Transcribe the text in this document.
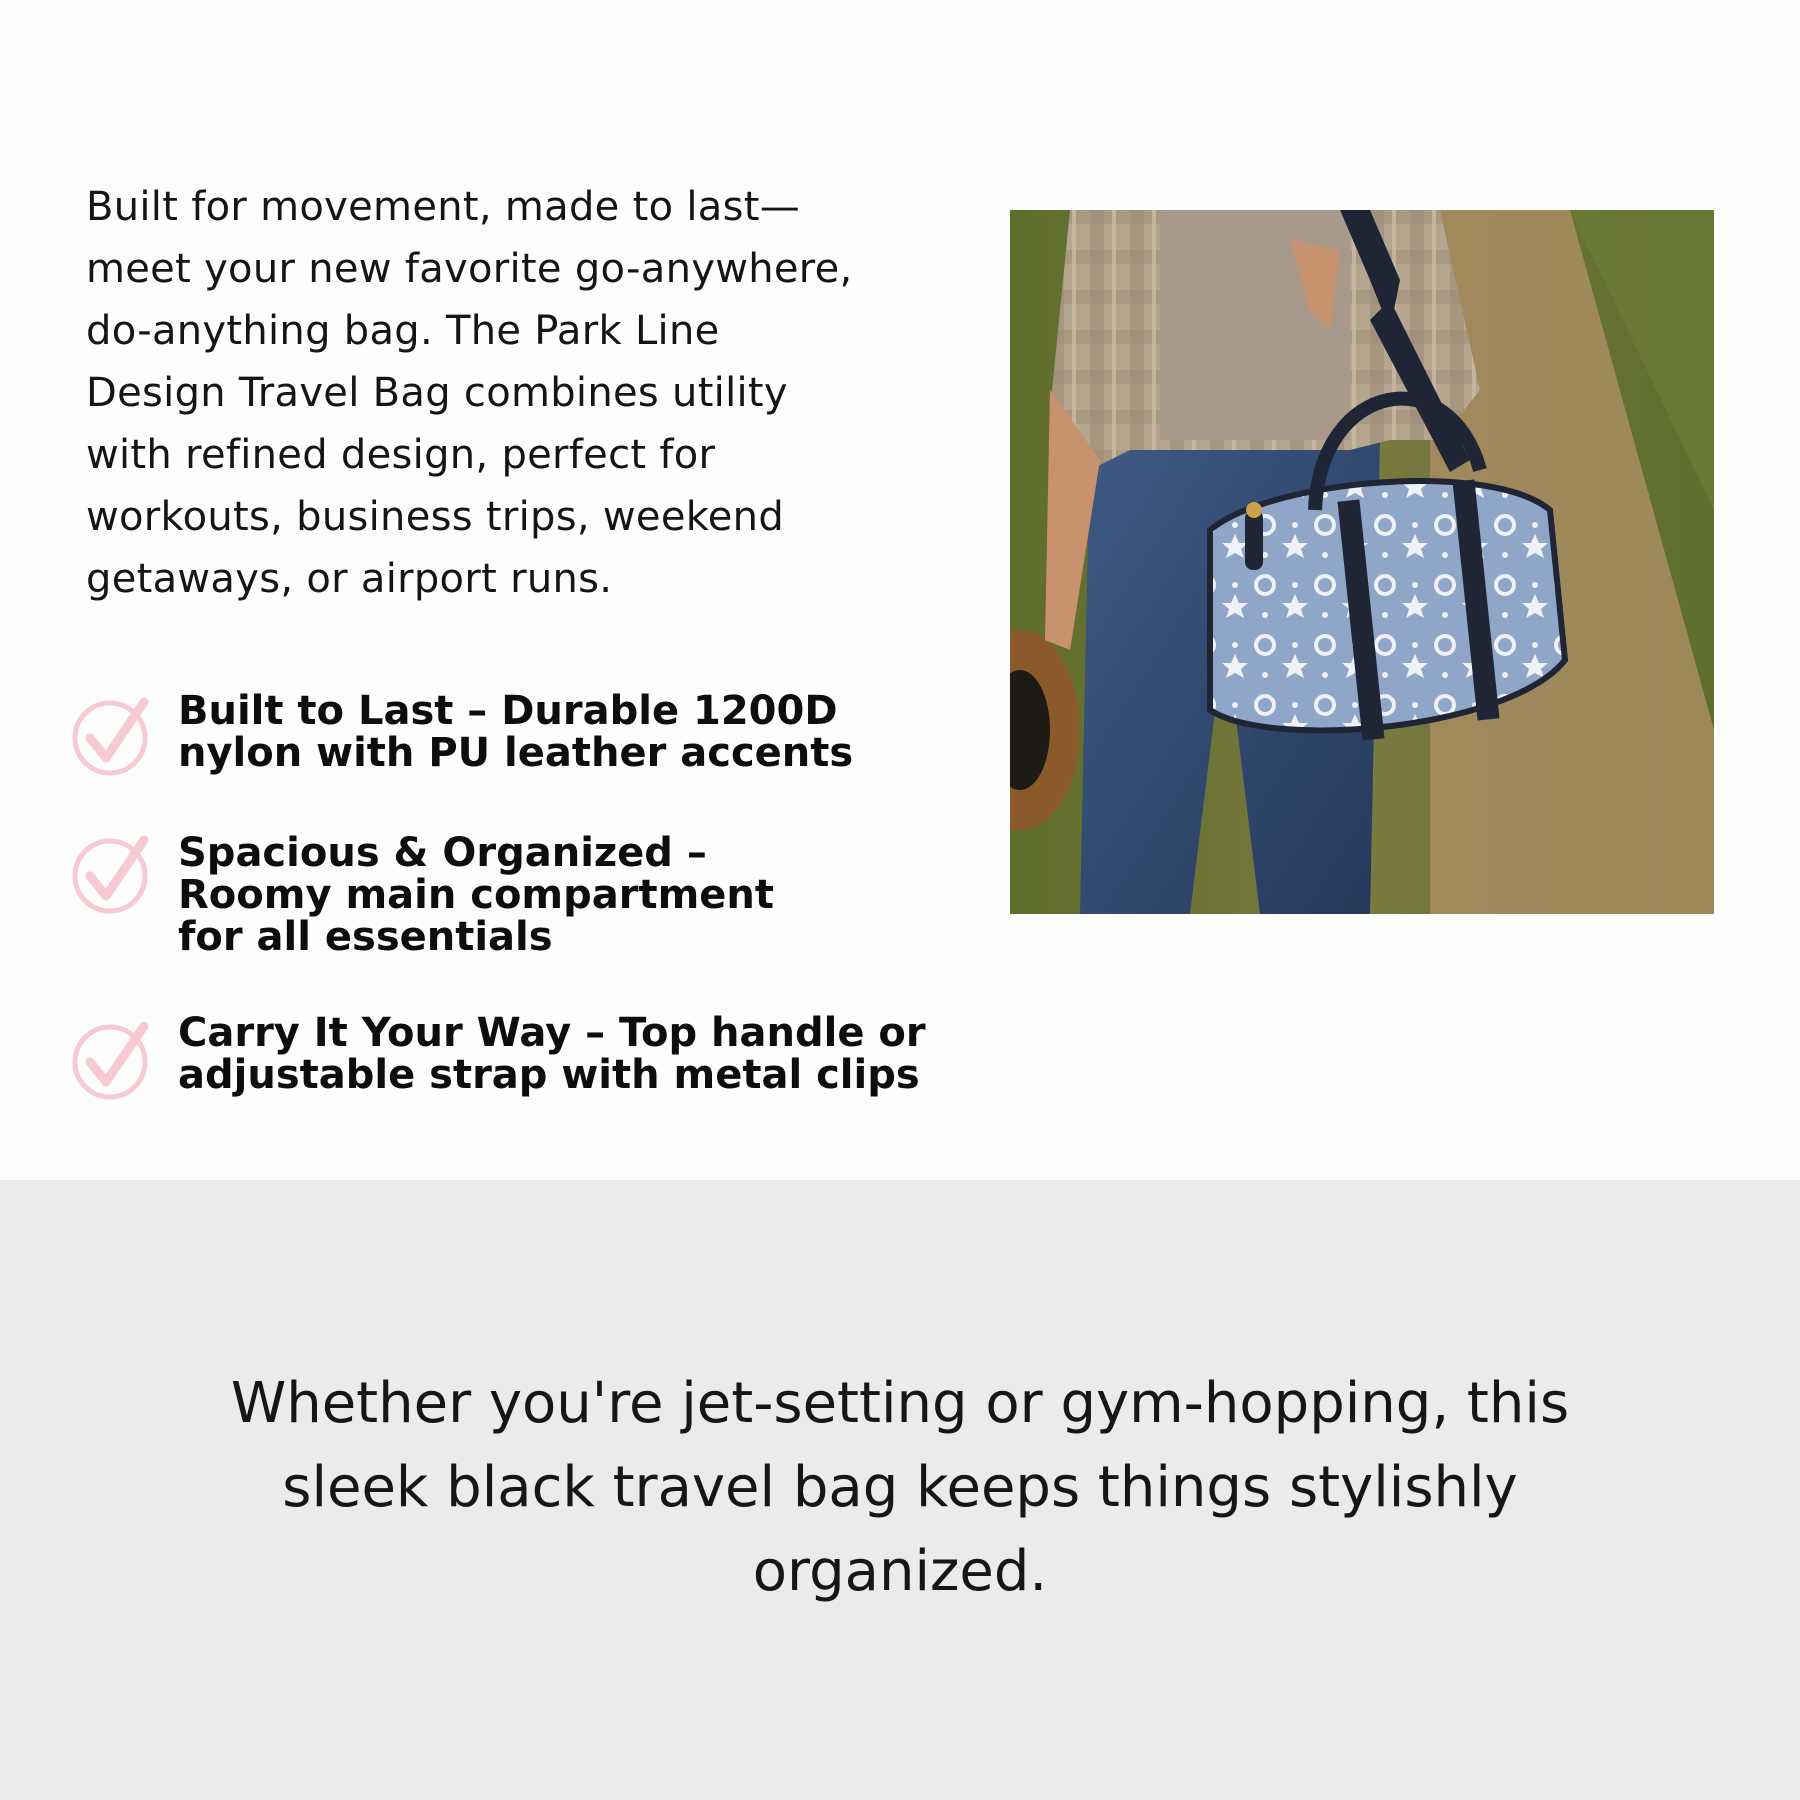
Built for movement, made to last—
meet your new favorite go-anywhere,
do-anything bag. The Park Line
Design Travel Bag combines utility
with refined design, perfect for
workouts, business trips, weekend
getaways, or airport runs.
Built to Last – Durable 1200D
nylon with PU leather accents
Spacious & Organized –
Roomy main compartment
for all essentials
Carry It Your Way – Top handle or
adjustable strap with metal clips
Whether you're jet-setting or gym-hopping, this
sleek black travel bag keeps things stylishly
organized.
